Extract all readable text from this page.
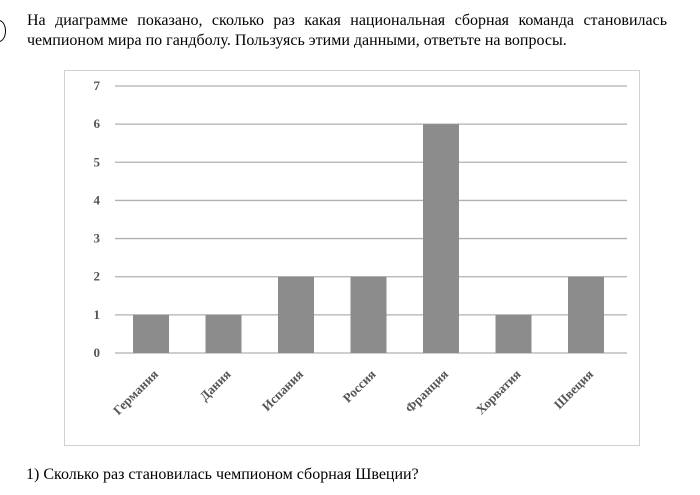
На диаграмме показано, сколько раз какая национальная сборная команда становилась чемпионом мира по гандболу. Пользуясь этими данными, ответьте на вопросы.

0
1
2
3
4
5
6
7
Германия	Дания Испания	Россия Франция Хорватия Швеция

1) Сколько раз становилась чемпионом сборная Швеции?
